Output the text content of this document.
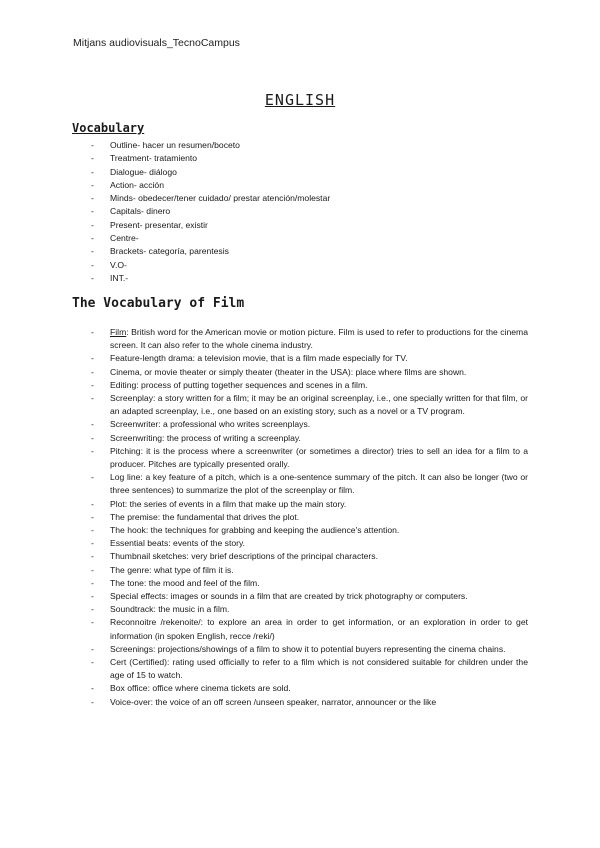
Mitjans audiovisuals_TecnoCampus
ENGLISH
Vocabulary
- Outline- hacer un resumen/boceto
- Treatment- tratamiento
- Dialogue- diálogo
- Action- acción
- Minds- obedecer/tener cuidado/ prestar atención/molestar
- Capitals- dinero
- Present- presentar, existir
- Centre-
- Brackets- categoría, parentesis
- V.O-
- INT.-
The Vocabulary of Film
- Film: British word for the American movie or motion picture. Film is used to refer to productions for the cinema screen. It can also refer to the whole cinema industry.
- Feature-length drama: a television movie, that is a film made especially for TV.
- Cinema, or movie theater or simply theater (theater in the USA): place where films are shown.
- Editing: process of putting together sequences and scenes in a film.
- Screenplay: a story written for a film; it may be an original screenplay, i.e., one specially written for that film, or an adapted screenplay, i.e., one based on an existing story, such as a novel or a TV program.
- Screenwriter: a professional who writes screenplays.
- Screenwriting: the process of writing a screenplay.
- Pitching: it is the process where a screenwriter (or sometimes a director) tries to sell an idea for a film to a producer. Pitches are typically presented orally.
- Log line: a key feature of a pitch, which is a one-sentence summary of the pitch. It can also be longer (two or three sentences) to summarize the plot of the screenplay or film.
- Plot: the series of events in a film that make up the main story.
- The premise: the fundamental that drives the plot.
- The hook: the techniques for grabbing and keeping the audience's attention.
- Essential beats: events of the story.
- Thumbnail sketches: very brief descriptions of the principal characters.
- The genre: what type of film it is.
- The tone: the mood and feel of the film.
- Special effects: images or sounds in a film that are created by trick photography or computers.
- Soundtrack: the music in a film.
- Reconnoitre /rekenoite/: to explore an area in order to get information, or an exploration in order to get information (in spoken English, recce /reki/)
- Screenings: projections/showings of a film to show it to potential buyers representing the cinema chains.
- Cert (Certified): rating used officially to refer to a film which is not considered suitable for children under the age of 15 to watch.
- Box office: office where cinema tickets are sold.
- Voice-over: the voice of an off screen /unseen speaker, narrator, announcer or the like
